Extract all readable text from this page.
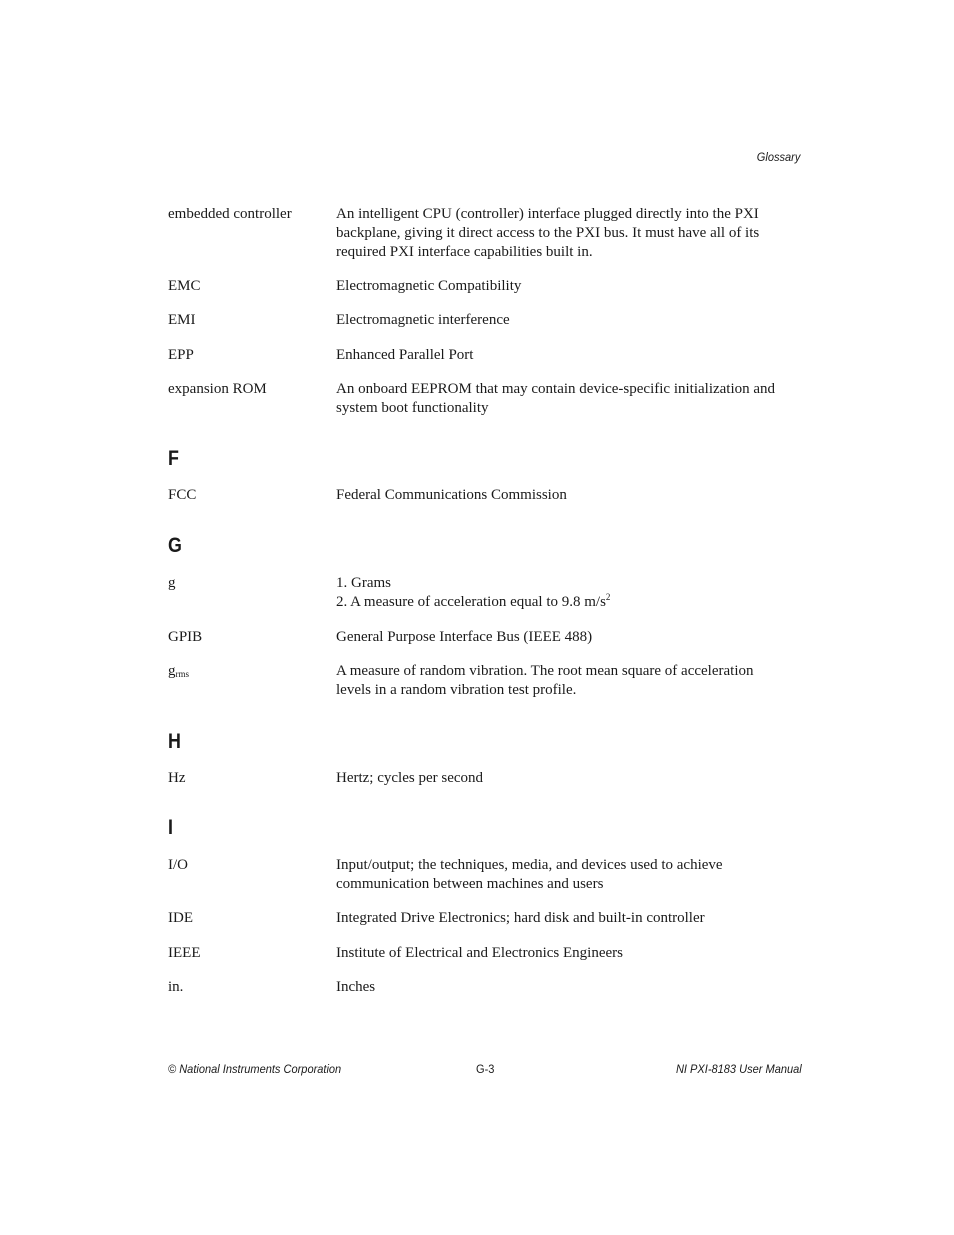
Glossary
embedded controller	An intelligent CPU (controller) interface plugged directly into the PXI
backplane, giving it direct access to the PXI bus. It must have all of its
required PXI interface capabilities built in.
EMC	Electromagnetic Compatibility
EMI	Electromagnetic interference
EPP	Enhanced Parallel Port
expansion ROM	An onboard EEPROM that may contain device-specific initialization and
system boot functionality
F
FCC	Federal Communications Commission
G
g	1. Grams
2. A measure of acceleration equal to 9.8 $m/s^2$
GPIB	General Purpose Interface Bus (IEEE 488)
$g_{rms}$	A measure of random vibration. The root mean square of acceleration
levels in a random vibration test profile.
H
Hz	Hertz; cycles per second
I
I/O	Input/output; the techniques, media, and devices used to achieve
communication between machines and users
IDE	Integrated Drive Electronics; hard disk and built-in controller
IEEE	Institute of Electrical and Electronics Engineers
in.	Inches
© National Instruments Corporation	G-3	NI PXI-8183 User Manual
